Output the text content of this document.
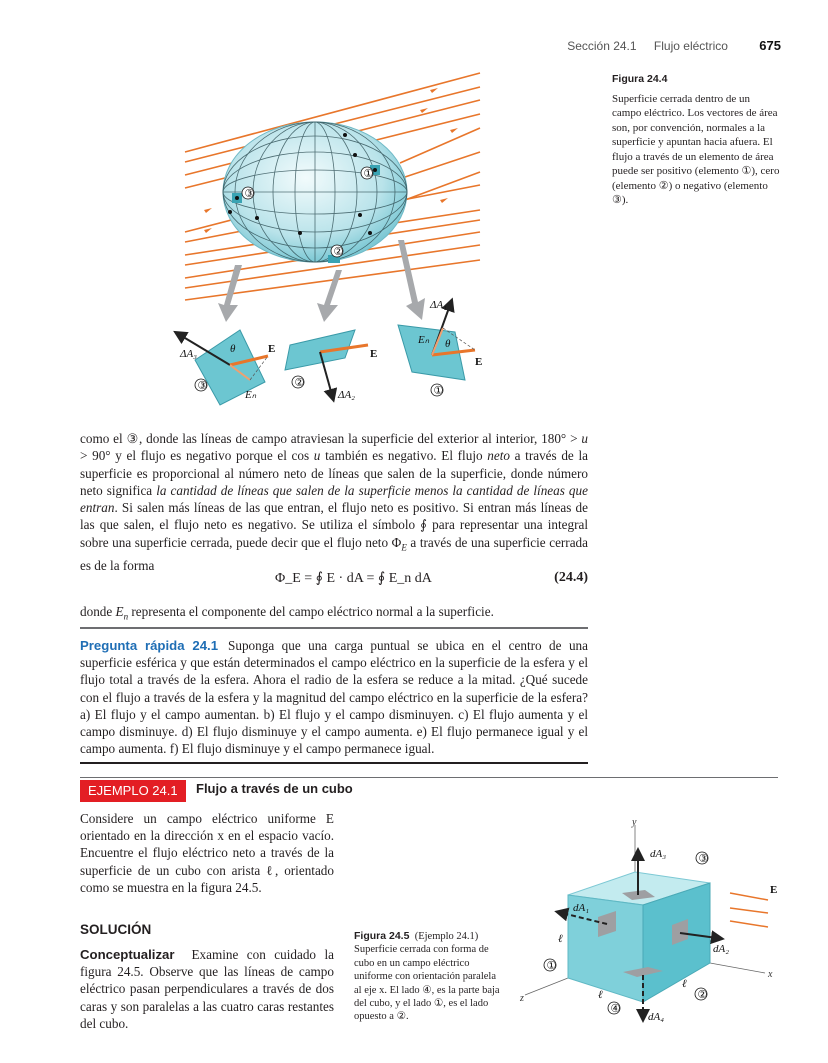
Sección 24.1 Flujo eléctrico 675
①
③
②
ΔA₃	θ	E
Eₙ
③
E
ΔA₂
②
ΔA₁
Eₙ θ
E
①
Figura 24.4
Superficie cerrada dentro de un campo eléctrico. Los vectores de área son, por convención, normales a la superficie y apuntan hacia afuera. El flujo a través de un elemento de área puede ser positivo (elemento ①), cero (elemento ②) o negativo (elemento ③).
como el ③, donde las líneas de campo atraviesan la superficie del exterior al interior, 180° > u > 90° y el flujo es negativo porque el cos u también es negativo. El flujo neto a través de la superficie es proporcional al número neto de líneas que salen de la superficie, donde número neto significa la cantidad de líneas que salen de la superficie menos la cantidad de líneas que entran. Si salen más líneas de las que entran, el flujo neto es positivo. Si entran más líneas de las que salen, el flujo neto es negativo. Se utiliza el símbolo ∮ para representar una integral sobre una superficie cerrada, puede decir que el flujo neto $\Phi_E$ a través de una superficie cerrada es de la forma
Φ_E = ∮ E · dA = ∮ E_n dA	(24.4)
donde $E_n$ representa el componente del campo eléctrico normal a la superficie.
Pregunta rápida 24.1 Suponga que una carga puntual se ubica en el centro de una superficie esférica y que están determinados el campo eléctrico en la superficie de la esfera y el flujo total a través de la esfera. Ahora el radio de la esfera se reduce a la mitad. ¿Qué sucede con el flujo a través de la esfera y la magnitud del campo eléctrico en la superficie de la esfera? a) El flujo y el campo aumentan. b) El flujo y el campo disminuyen. c) El flujo aumenta y el campo disminuye. d) El flujo disminuye y el campo aumenta. e) El flujo permanece igual y el campo aumenta. f) El flujo disminuye y el campo permanece igual.
EJEMPLO 24.1	Flujo a través de un cubo
Considere un campo eléctrico uniforme E orientado en la dirección x en el espacio vacío. Encuentre el flujo eléctrico neto a través de la superficie de un cubo con arista ℓ, orientado como se muestra en la figura 24.5.
SOLUCIÓN
Conceptualizar Examine con cuidado la figura 24.5. Observe que las líneas de campo eléctrico pasan perpendiculares a través de dos caras y son paralelas a las cuatro caras restantes del cubo.
Figura 24.5 (Ejemplo 24.1) Superficie cerrada con forma de cubo en un campo eléctrico uniforme con orientación paralela al eje x. El lado ④, es la parte baja del cubo, y el lado ①, es el lado opuesto a ②.
y
x
z
dA₃
dA₁
dA₂
dA₄
E
ℓ
ℓ
ℓ
③
①
②
④
